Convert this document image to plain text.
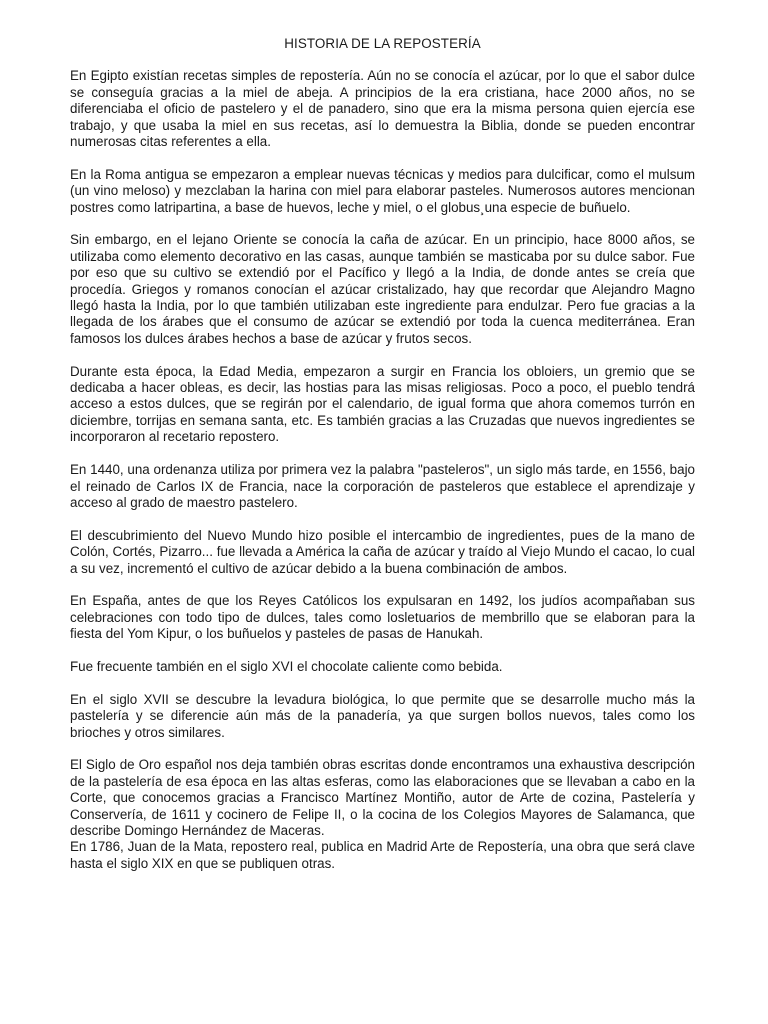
HISTORIA DE LA REPOSTERÍA

En Egipto existían recetas simples de repostería. Aún no se conocía el azúcar, por lo que el sabor dulce se conseguía gracias a la miel de abeja. A principios de la era cristiana, hace 2000 años, no se diferenciaba el oficio de pastelero y el de panadero, sino que era la misma persona quien ejercía ese trabajo, y que usaba la miel en sus recetas, así lo demuestra la Biblia, donde se pueden encontrar numerosas citas referentes a ella.

En la Roma antigua se empezaron a emplear nuevas técnicas y medios para dulcificar, como el mulsum (un vino meloso) y mezclaban la harina con miel para elaborar pasteles. Numerosos autores mencionan postres como latripartina, a base de huevos, leche y miel, o el globus¸una especie de buñuelo.

Sin embargo, en el lejano Oriente se conocía la caña de azúcar. En un principio, hace 8000 años, se utilizaba como elemento decorativo en las casas, aunque también se masticaba por su dulce sabor. Fue por eso que su cultivo se extendió por el Pacífico y llegó a la India, de donde antes se creía que procedía. Griegos y romanos conocían el azúcar cristalizado, hay que recordar que Alejandro Magno llegó hasta la India, por lo que también utilizaban este ingrediente para endulzar. Pero fue gracias a la llegada de los árabes que el consumo de azúcar se extendió por toda la cuenca mediterránea. Eran famosos los dulces árabes hechos a base de azúcar y frutos secos.

Durante esta época, la Edad Media, empezaron a surgir en Francia los obloiers, un gremio que se dedicaba a hacer obleas, es decir, las hostias para las misas religiosas. Poco a poco, el pueblo tendrá acceso a estos dulces, que se regirán por el calendario, de igual forma que ahora comemos turrón en diciembre, torrijas en semana santa, etc. Es también gracias a las Cruzadas que nuevos ingredientes se incorporaron al recetario repostero.

En 1440, una ordenanza utiliza por primera vez la palabra "pasteleros", un siglo más tarde, en 1556, bajo el reinado de Carlos IX de Francia, nace la corporación de pasteleros que establece el aprendizaje y acceso al grado de maestro pastelero.

El descubrimiento del Nuevo Mundo hizo posible el intercambio de ingredientes, pues de la mano de Colón, Cortés, Pizarro... fue llevada a América la caña de azúcar y traído al Viejo Mundo el cacao, lo cual a su vez, incrementó el cultivo de azúcar debido a la buena combinación de ambos.

En España, antes de que los Reyes Católicos los expulsaran en 1492, los judíos acompañaban sus celebraciones con todo tipo de dulces, tales como losletuarios de membrillo que se elaboran para la fiesta del Yom Kipur, o los buñuelos y pasteles de pasas de Hanukah.

Fue frecuente también en el siglo XVI el chocolate caliente como bebida.

En el siglo XVII se descubre la levadura biológica, lo que permite que se desarrolle mucho más la pastelería y se diferencie aún más de la panadería, ya que surgen bollos nuevos, tales como los brioches y otros similares.

El Siglo de Oro español nos deja también obras escritas donde encontramos una exhaustiva descripción de la pastelería de esa época en las altas esferas, como las elaboraciones que se llevaban a cabo en la Corte, que conocemos gracias a Francisco Martínez Montiño, autor de Arte de cozina, Pastelería y Conservería, de 1611 y cocinero de Felipe II, o la cocina de los Colegios Mayores de Salamanca, que describe Domingo Hernández de Maceras.

En 1786, Juan de la Mata, repostero real, publica en Madrid Arte de Repostería, una obra que será clave hasta el siglo XIX en que se publiquen otras.
